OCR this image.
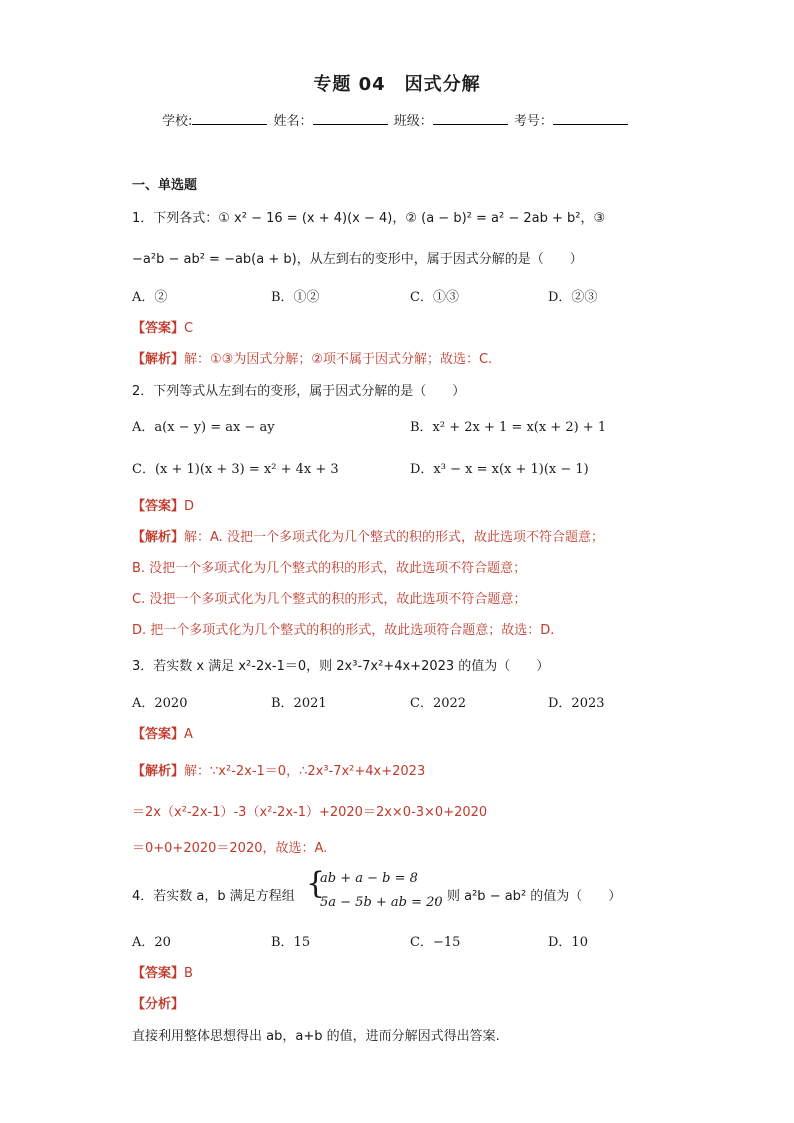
专题 04　因式分解
学校:	姓名：	班级：	考号：
一、单选题
1．下列各式：① x² − 16 = (x + 4)(x − 4)，② (a − b)² = a² − 2ab + b²，③
−a²b − ab² = −ab(a + b)，从左到右的变形中，属于因式分解的是（　　）
A．②	B．①②	C．①③	D．②③
【答案】C
【解析】解：①③为因式分解；②项不属于因式分解；故选：C.
2．下列等式从左到右的变形，属于因式分解的是（　　）
A．a(x − y) = ax − ay	B．x² + 2x + 1 = x(x + 2) + 1
C．(x + 1)(x + 3) = x² + 4x + 3	D．x³ − x = x(x + 1)(x − 1)
【答案】D
【解析】解：A. 没把一个多项式化为几个整式的积的形式，故此选项不符合题意；
B. 没把一个多项式化为几个整式的积的形式，故此选项不符合题意；
C. 没把一个多项式化为几个整式的积的形式，故此选项不符合题意；
D. 把一个多项式化为几个整式的积的形式，故此选项符合题意；故选：D.
3．若实数 x 满足 x²-2x-1＝0，则 2x³-7x²+4x+2023 的值为（　　）
A．2020	B．2021	C．2022	D．2023
【答案】A
【解析】解：∵x²-2x-1＝0，∴2x³-7x²+4x+2023
＝2x（x²-2x-1）-3（x²-2x-1）+2020＝2x×0-3×0+2020
＝0+0+2020＝2020，故选：A.
4．若实数 a，b 满足方程组 {
ab + a − b = 8
5a − 5b + ab = 20
，则 a²b − ab² 的值为（　　）
A．20	B．15	C．−15	D．10
【答案】B
【分析】
直接利用整体思想得出 ab，a+b 的值，进而分解因式得出答案.
